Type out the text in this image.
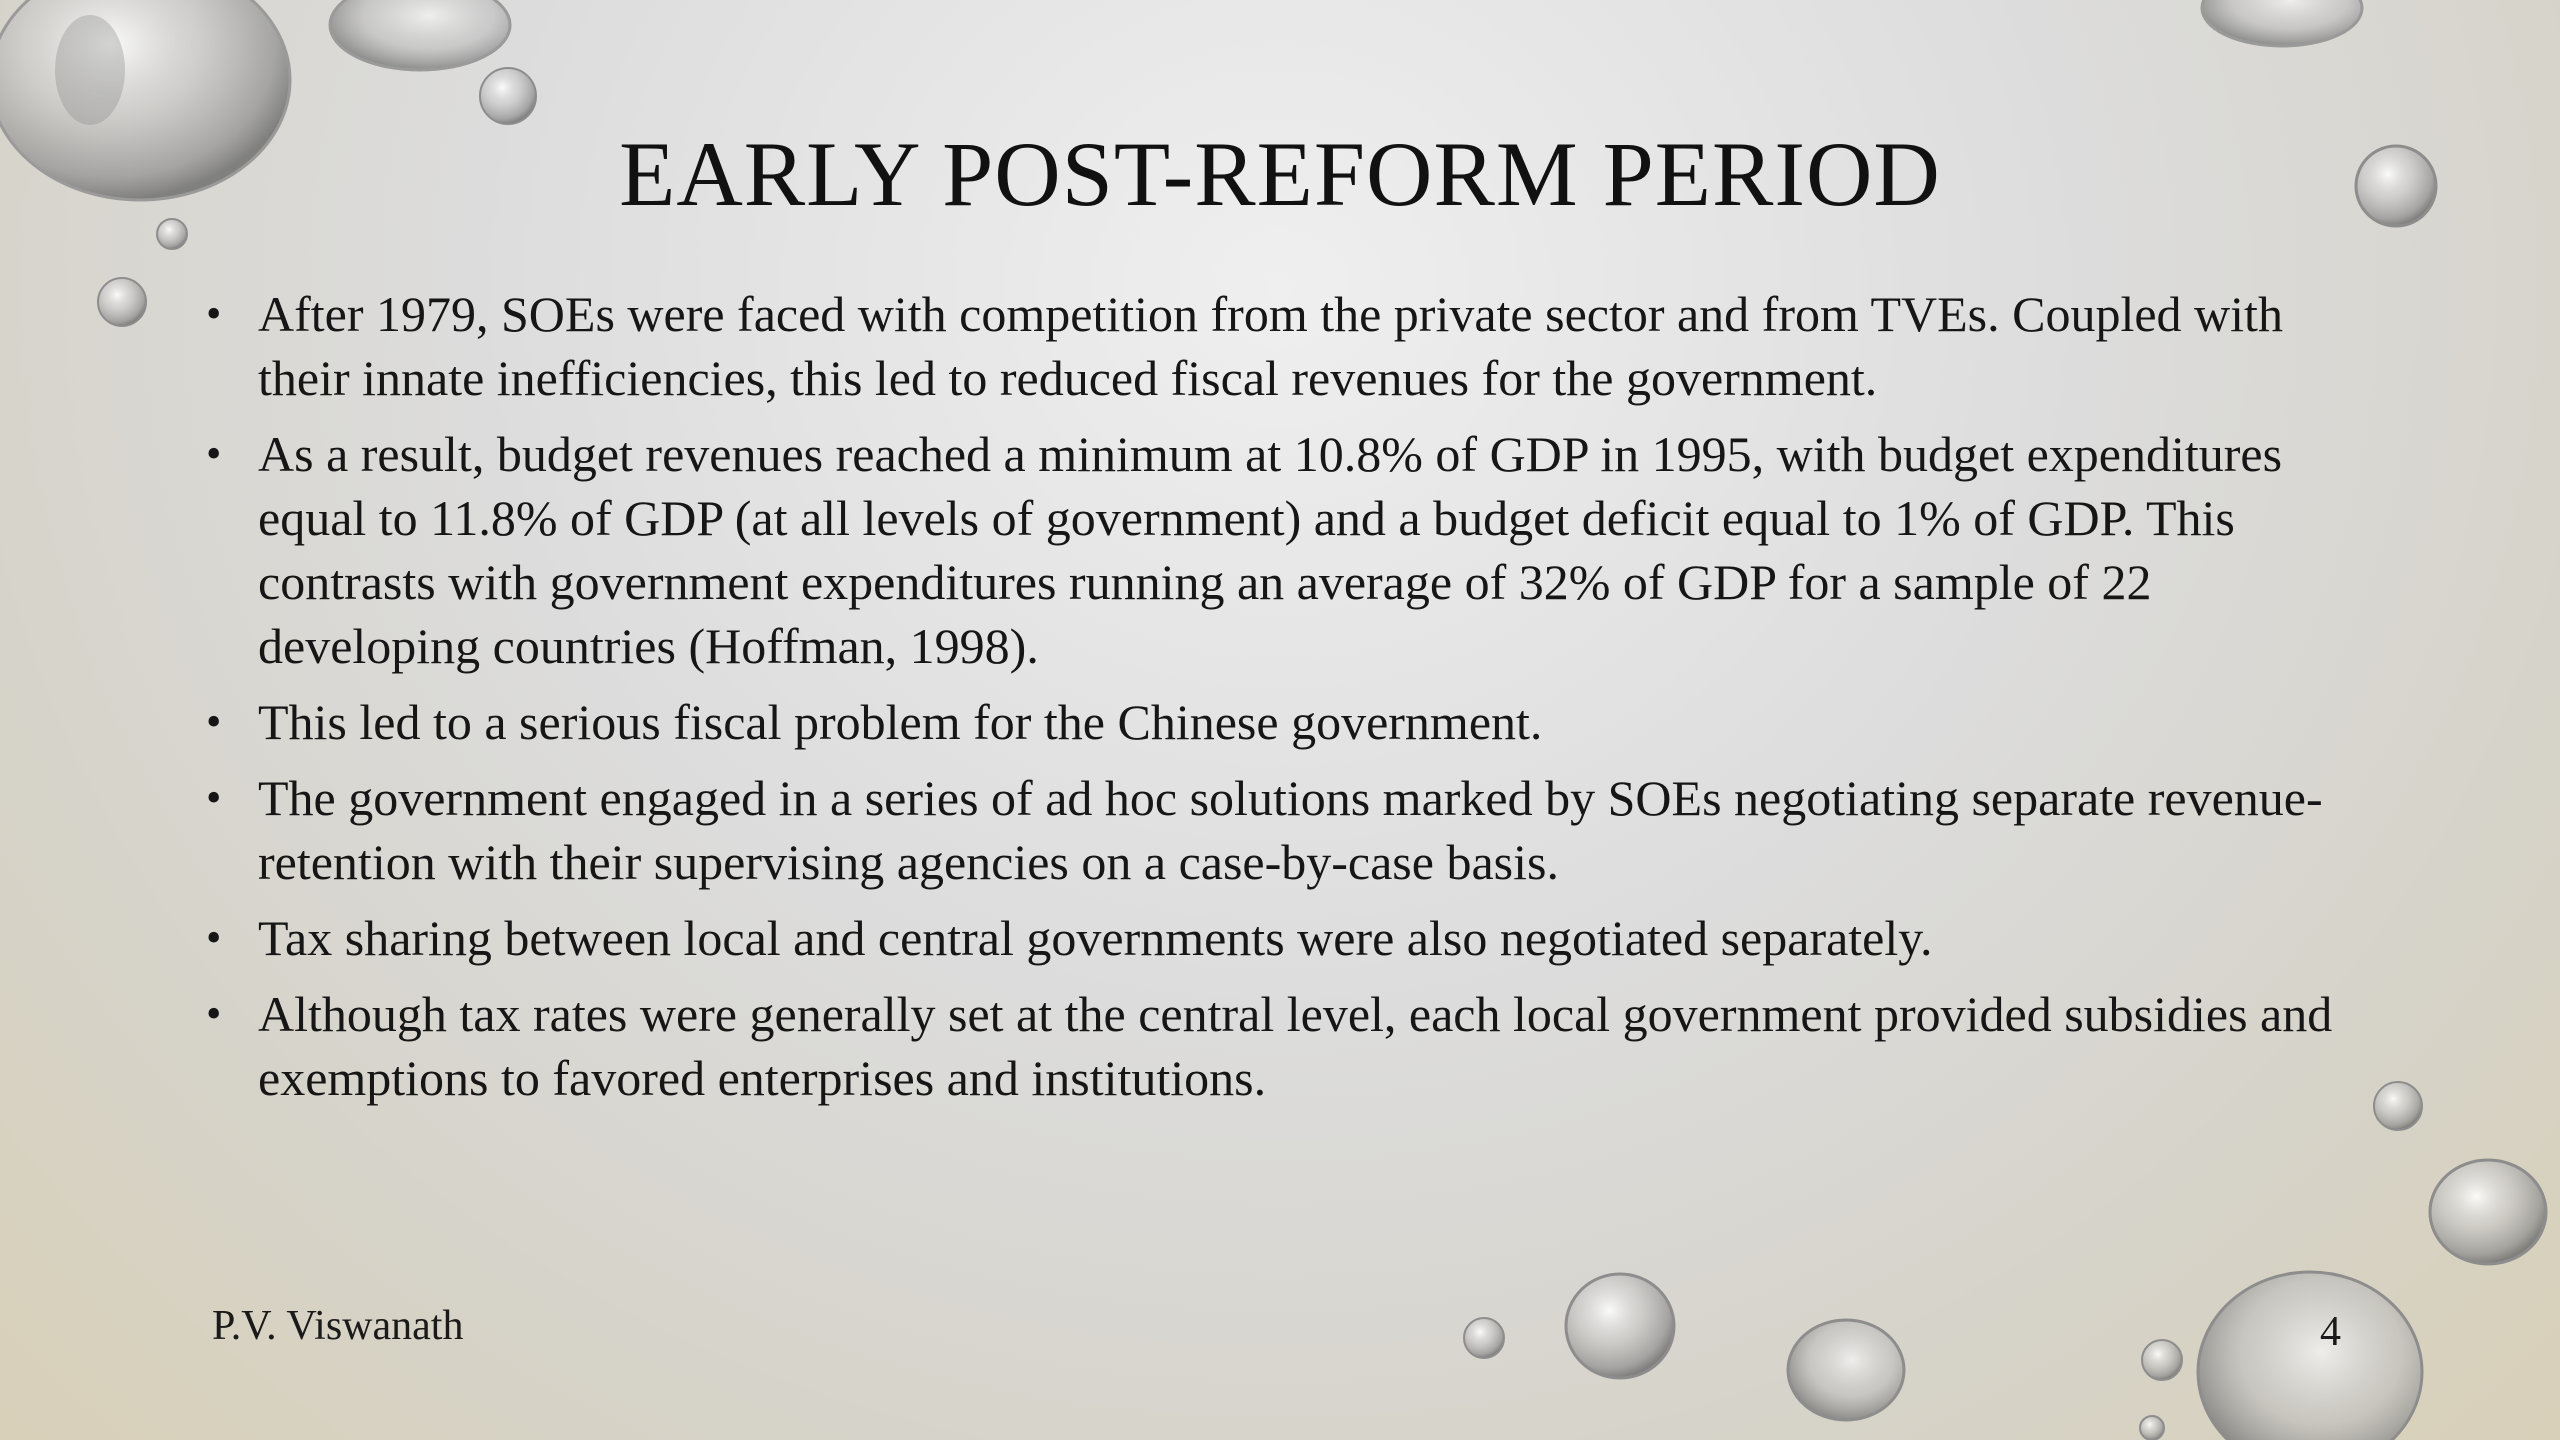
EARLY POST-REFORM PERIOD
• After 1979, SOEs were faced with competition from the private sector and from TVEs. Coupled with their innate inefficiencies, this led to reduced fiscal revenues for the government.
• As a result, budget revenues reached a minimum at 10.8% of GDP in 1995, with budget expenditures equal to 11.8% of GDP (at all levels of government) and a budget deficit equal to 1% of GDP. This contrasts with government expenditures running an average of 32% of GDP for a sample of 22 developing countries (Hoffman, 1998).
• This led to a serious fiscal problem for the Chinese government.
• The government engaged in a series of ad hoc solutions marked by SOEs negotiating separate revenue-retention with their supervising agencies on a case-by-case basis.
• Tax sharing between local and central governments were also negotiated separately.
• Although tax rates were generally set at the central level, each local government provided subsidies and exemptions to favored enterprises and institutions.
P.V. Viswanath	4
